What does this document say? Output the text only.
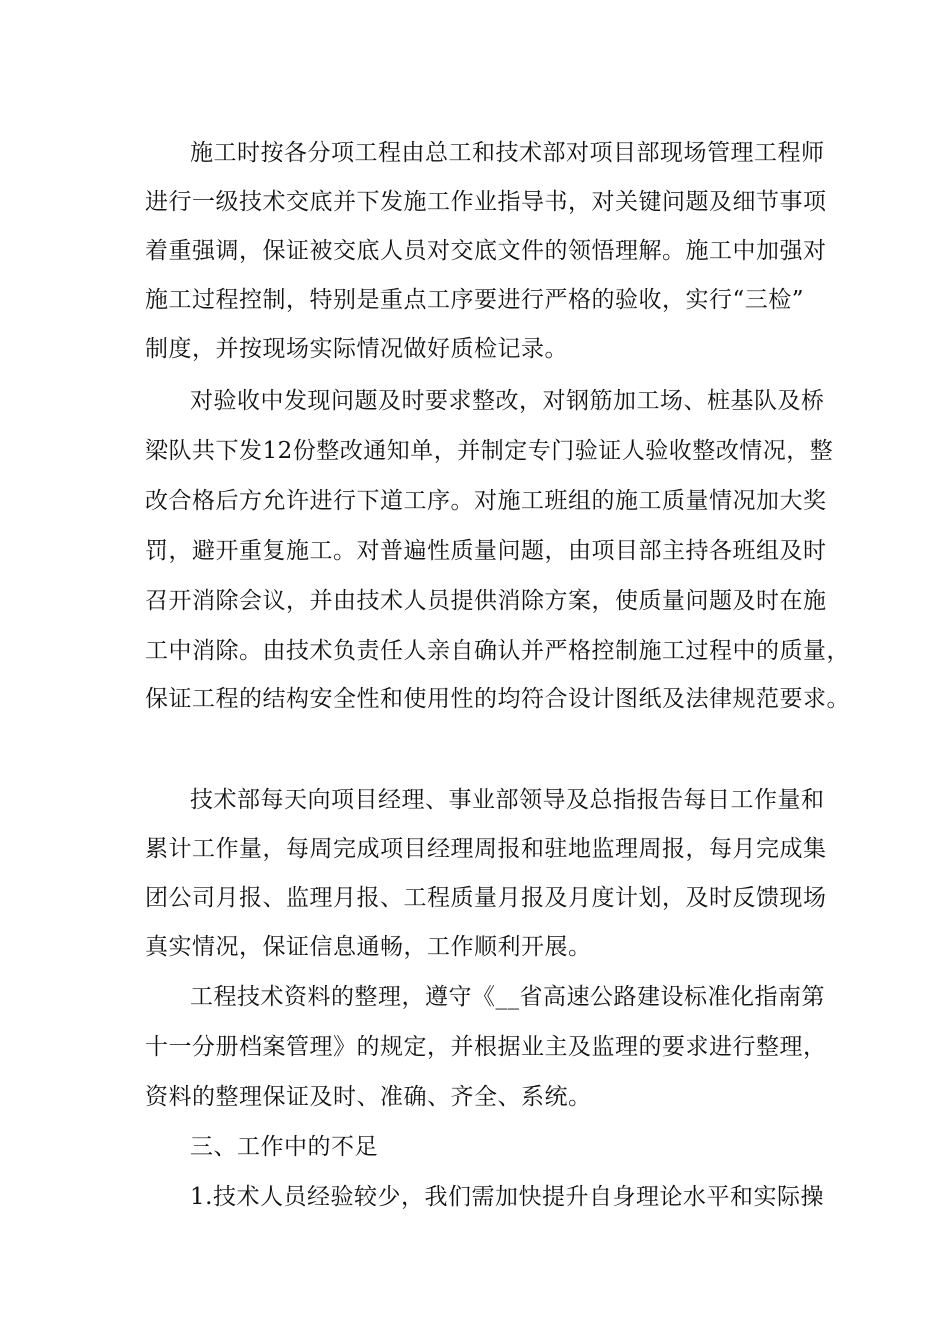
施工时按各分项工程由总工和技术部对项目部现场管理工程师
进行一级技术交底并下发施工作业指导书，对关键问题及细节事项
着重强调，保证被交底人员对交底文件的领悟理解。施工中加强对
施工过程控制，特别是重点工序要进行严格的验收，实行“三检”
制度，并按现场实际情况做好质检记录。
对验收中发现问题及时要求整改，对钢筋加工场、桩基队及桥
梁队共下发12份整改通知单，并制定专门验证人验收整改情况，整
改合格后方允许进行下道工序。对施工班组的施工质量情况加大奖
罚，避开重复施工。对普遍性质量问题，由项目部主持各班组及时
召开消除会议，并由技术人员提供消除方案，使质量问题及时在施
工中消除。由技术负责任人亲自确认并严格控制施工过程中的质量，
保证工程的结构安全性和使用性的均符合设计图纸及法律规范要求。
技术部每天向项目经理、事业部领导及总指报告每日工作量和
累计工作量，每周完成项目经理周报和驻地监理周报，每月完成集
团公司月报、监理月报、工程质量月报及月度计划，及时反馈现场
真实情况，保证信息通畅，工作顺利开展。
工程技术资料的整理，遵守《__省高速公路建设标准化指南第
十一分册档案管理》的规定，并根据业主及监理的要求进行整理，
资料的整理保证及时、准确、齐全、系统。
三、工作中的不足
1.技术人员经验较少，我们需加快提升自身理论水平和实际操
